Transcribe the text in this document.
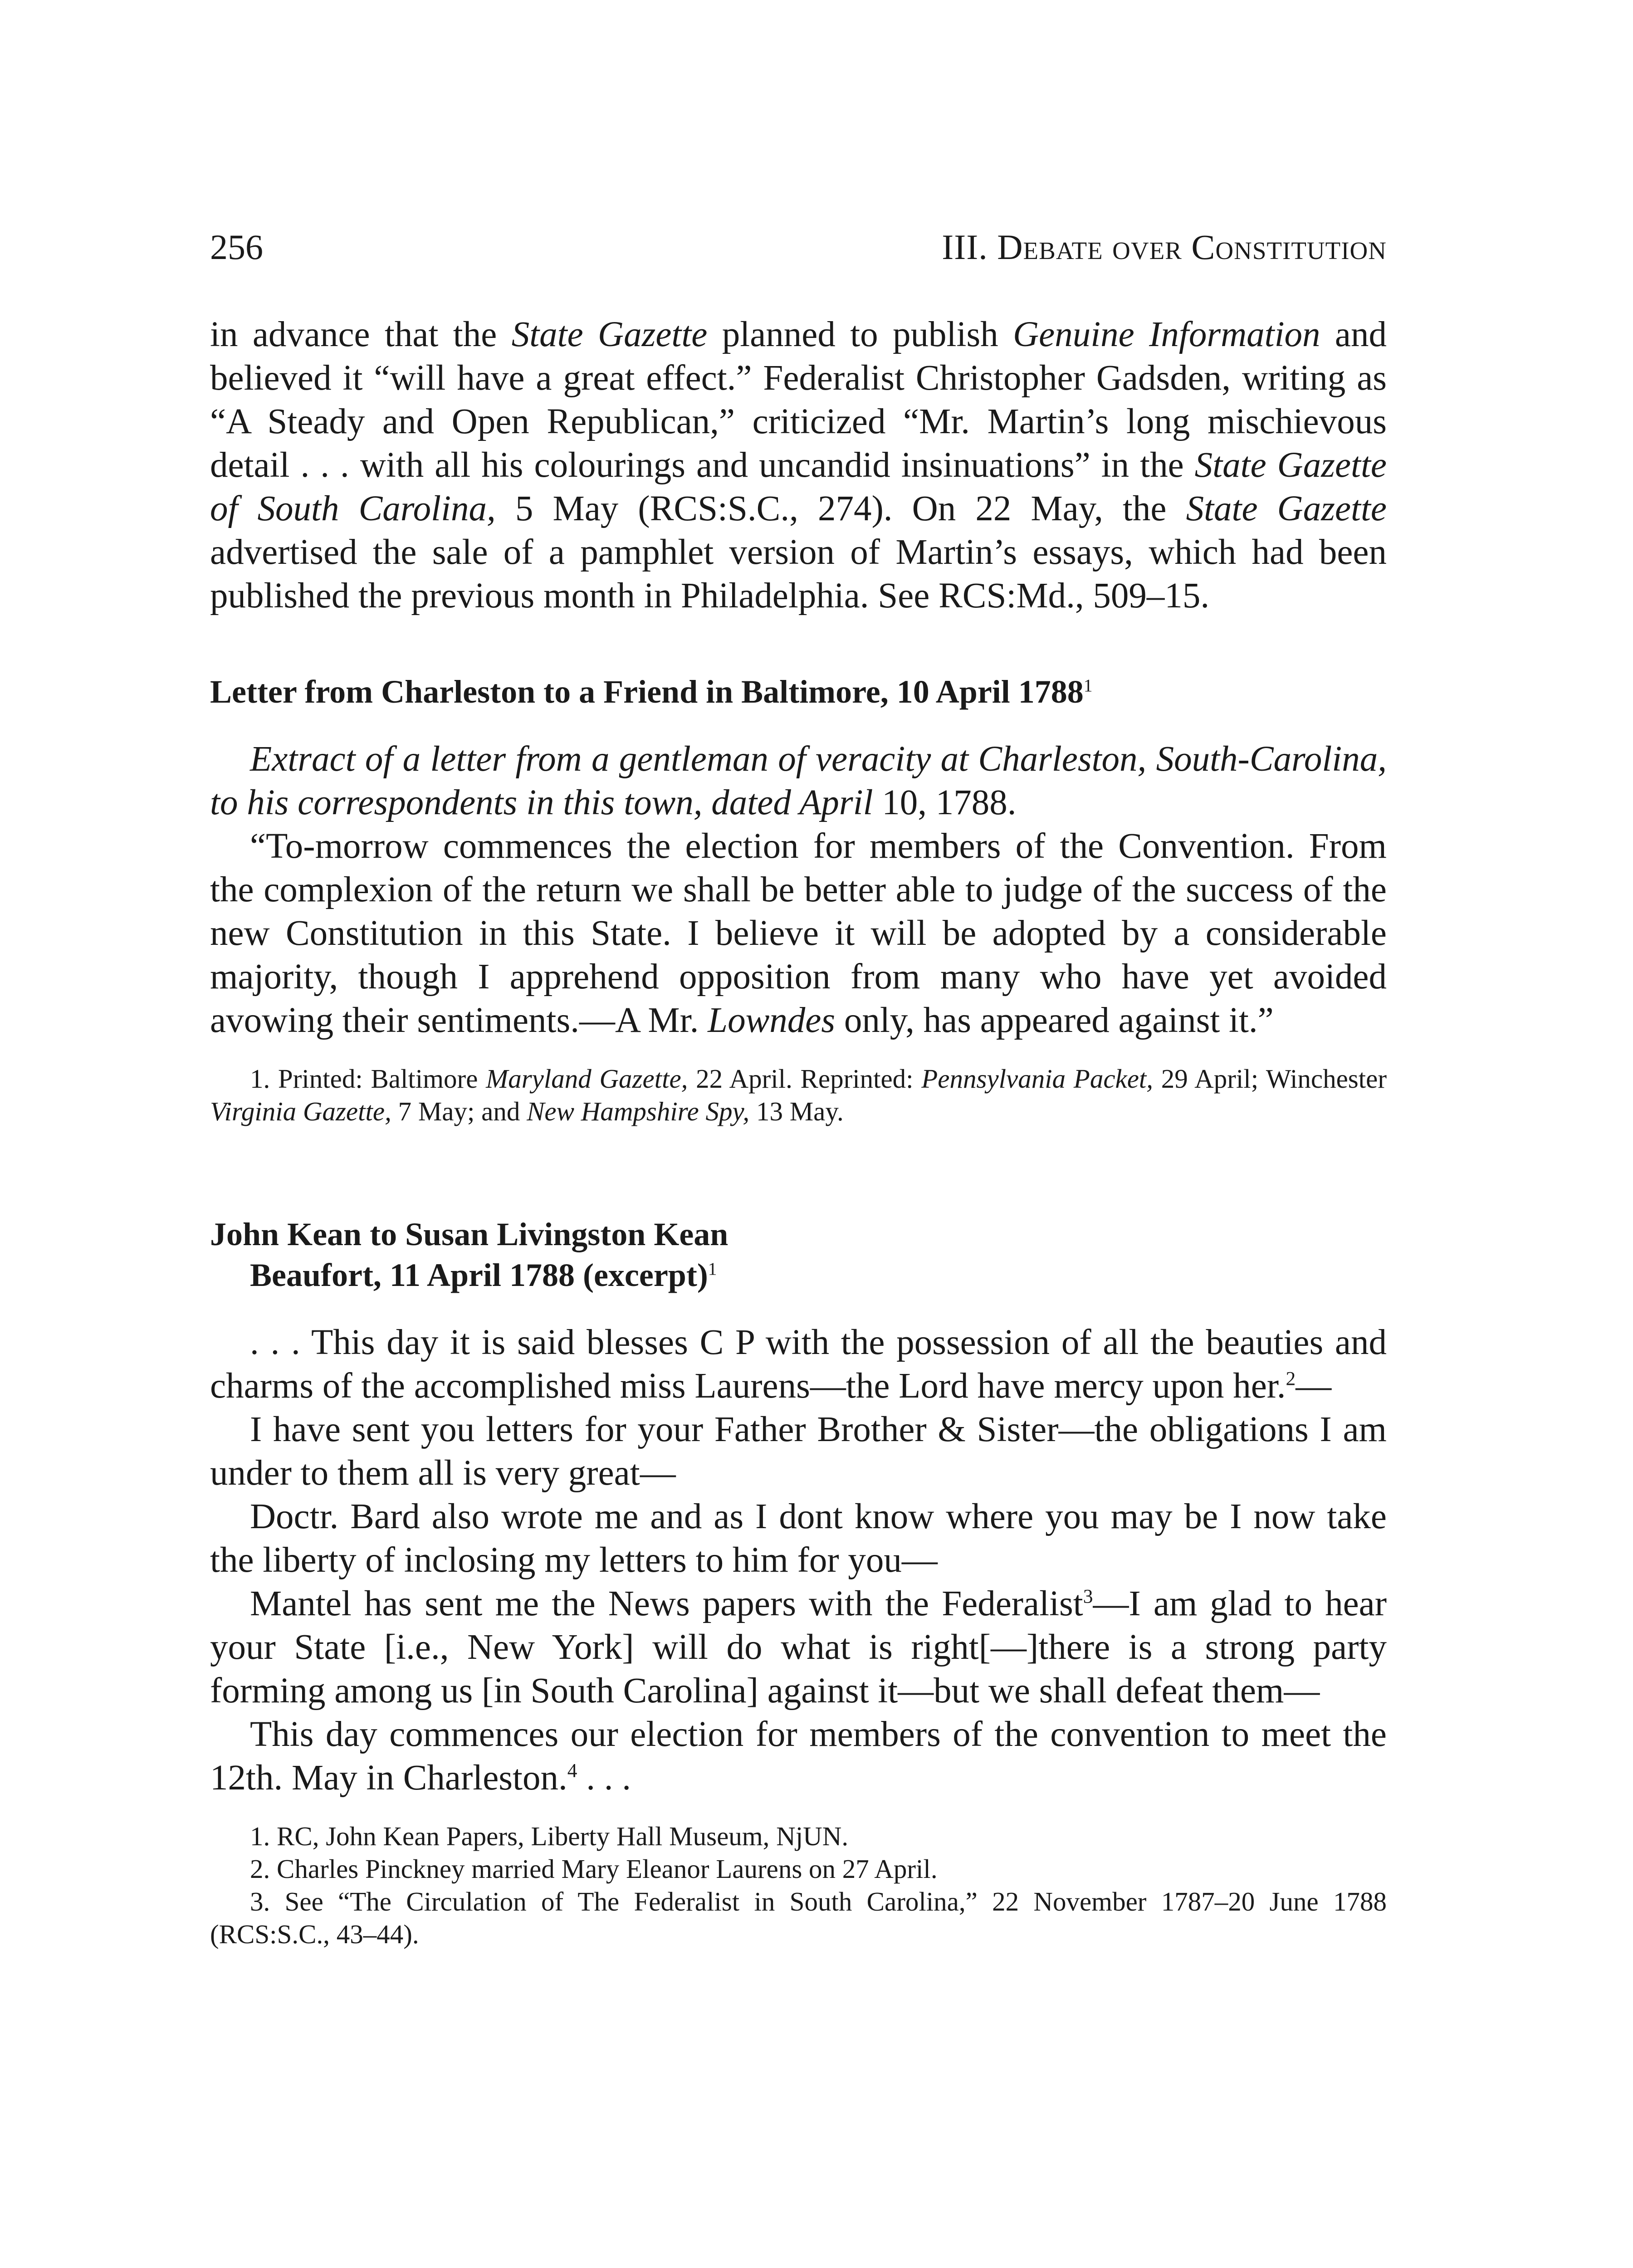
256	III. Debate over Constitution

in advance that the State Gazette planned to publish Genuine Information and believed it “will have a great effect.” Federalist Christopher Gadsden, writing as “A Steady and Open Republican,” criticized “Mr. Martin’s long mischievous detail . . . with all his colourings and uncandid insinuations” in the State Gazette of South Carolina, 5 May (RCS:S.C., 274). On 22 May, the State Gazette advertised the sale of a pamphlet version of Martin’s essays, which had been published the previous month in Philadelphia. See RCS:Md., 509–15.

Letter from Charleston to a Friend in Baltimore, 10 April 1788$^1$

Extract of a letter from a gentleman of veracity at Charleston, South-Carolina, to his correspondents in this town, dated April 10, 1788.

“To-morrow commences the election for members of the Convention. From the complexion of the return we shall be better able to judge of the success of the new Constitution in this State. I believe it will be adopted by a considerable majority, though I apprehend opposition from many who have yet avoided avowing their sentiments.—A Mr. Lowndes only, has appeared against it.”

1. Printed: Baltimore Maryland Gazette, 22 April. Reprinted: Pennsylvania Packet, 29 April; Winchester Virginia Gazette, 7 May; and New Hampshire Spy, 13 May.

John Kean to Susan Livingston Kean

Beaufort, 11 April 1788 (excerpt)$^1$

. . . This day it is said blesses C P with the possession of all the beauties and charms of the accomplished miss Laurens—the Lord have mercy upon her.$^2$—

I have sent you letters for your Father Brother & Sister—the obligations I am under to them all is very great—

Doctr. Bard also wrote me and as I dont know where you may be I now take the liberty of inclosing my letters to him for you—

Mantel has sent me the News papers with the Federalist$^3$—I am glad to hear your State [i.e., New York] will do what is right[—]there is a strong party forming among us [in South Carolina] against it—but we shall defeat them—

This day commences our election for members of the convention to meet the 12th. May in Charleston.$^4$ . . .

1. RC, John Kean Papers, Liberty Hall Museum, NjUN.

2. Charles Pinckney married Mary Eleanor Laurens on 27 April.

3. See “The Circulation of The Federalist in South Carolina,” 22 November 1787–20 June 1788 (RCS:S.C., 43–44).
